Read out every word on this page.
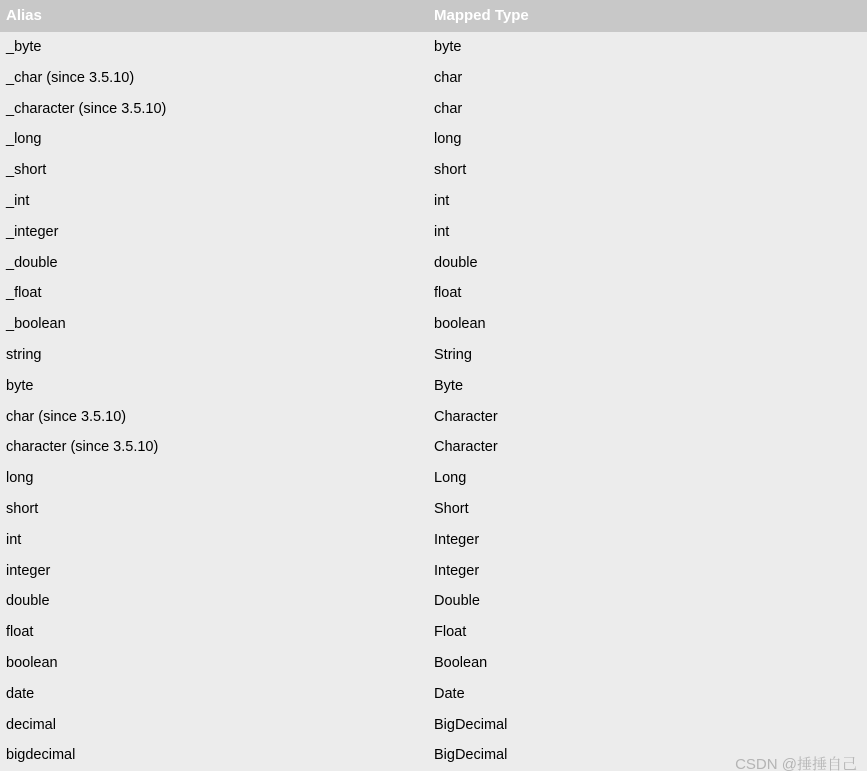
Alias	Mapped Type
_byte	byte
_char (since 3.5.10)	char
_character (since 3.5.10)	char
_long	long
_short	short
_int	int
_integer	int
_double	double
_float	float
_boolean	boolean
string	String
byte	Byte
char (since 3.5.10)	Character
character (since 3.5.10)	Character
long	Long
short	Short
int	Integer
integer	Integer
double	Double
float	Float
boolean	Boolean
date	Date
decimal	BigDecimal
bigdecimal	BigDecimal
CSDN @捶捶自己
